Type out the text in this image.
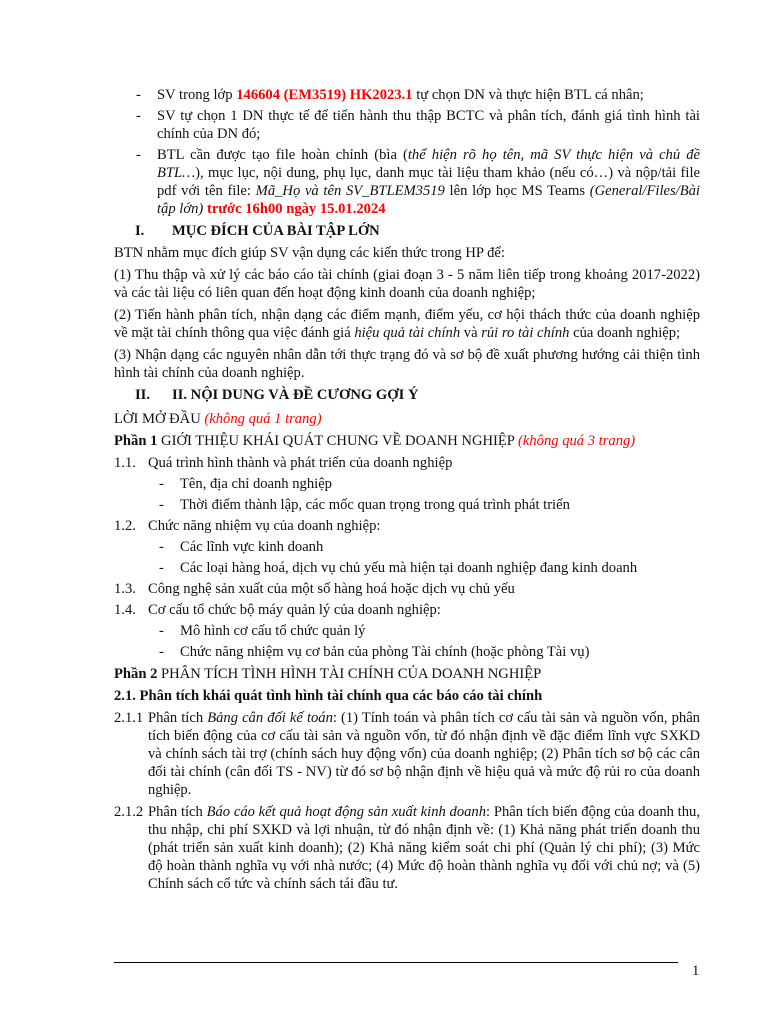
- SV trong lớp 146604 (EM3519) HK2023.1 tự chọn DN và thực hiện BTL cá nhân;
- SV tự chọn 1 DN thực tế để tiến hành thu thập BCTC và phân tích, đánh giá tình hình tài chính của DN đó;
- BTL cần được tạo file hoàn chỉnh (bìa (thể hiện rõ họ tên, mã SV thực hiện và chủ đề BTL…), mục lục, nội dung, phụ lục, danh mục tài liệu tham khảo (nếu có…) và nộp/tải file pdf với tên file: Mã_Họ và tên SV_BTLEM3519 lên lớp học MS Teams (General/Files/Bài tập lớn) trước 16h00 ngày 15.01.2024
I. MỤC ĐÍCH CỦA BÀI TẬP LỚN
BTN nhằm mục đích giúp SV vận dụng các kiến thức trong HP để:
(1) Thu thập và xử lý các báo cáo tài chính (giai đoạn 3 - 5 năm liên tiếp trong khoảng 2017-2022) và các tài liệu có liên quan đến hoạt động kinh doanh của doanh nghiệp;
(2) Tiến hành phân tích, nhận dạng các điểm mạnh, điểm yếu, cơ hội thách thức của doanh nghiệp về mặt tài chính thông qua việc đánh giá hiệu quả tài chính và rủi ro tài chính của doanh nghiệp;
(3) Nhận dạng các nguyên nhân dẫn tới thực trạng đó và sơ bộ đề xuất phương hướng cải thiện tình hình tài chính của doanh nghiệp.
II. II. NỘI DUNG VÀ ĐỀ CƯƠNG GỢI Ý
LỜI MỞ ĐẦU (không quá 1 trang)
Phần 1 GIỚI THIỆU KHÁI QUÁT CHUNG VỀ DOANH NGHIỆP (không quá 3 trang)
1.1. Quá trình hình thành và phát triển của doanh nghiệp
- Tên, địa chỉ doanh nghiệp
- Thời điểm thành lập, các mốc quan trọng trong quá trình phát triển
1.2. Chức năng nhiệm vụ của doanh nghiệp:
- Các lĩnh vực kinh doanh
- Các loại hàng hoá, dịch vụ chủ yếu mà hiện tại doanh nghiệp đang kinh doanh
1.3. Công nghệ sản xuất của một số hàng hoá hoặc dịch vụ chủ yếu
1.4. Cơ cấu tổ chức bộ máy quản lý của doanh nghiệp:
- Mô hình cơ cấu tổ chức quản lý
- Chức năng nhiệm vụ cơ bản của phòng Tài chính (hoặc phòng Tài vụ)
Phần 2 PHÂN TÍCH TÌNH HÌNH TÀI CHÍNH CỦA DOANH NGHIỆP
2.1. Phân tích khái quát tình hình tài chính qua các báo cáo tài chính
2.1.1 Phân tích Bảng cân đối kế toán: (1) Tính toán và phân tích cơ cấu tài sản và nguồn vốn, phân tích biến động của cơ cấu tài sản và nguồn vốn, từ đó nhận định về đặc điểm lĩnh vực SXKD và chính sách tài trợ (chính sách huy động vốn) của doanh nghiệp; (2) Phân tích sơ bộ các cân đối tài chính (cân đối TS - NV) từ đó sơ bộ nhận định về hiệu quả và mức độ rủi ro của doanh nghiệp.
2.1.2 Phân tích Báo cáo kết quả hoạt động sản xuất kinh doanh: Phân tích biến động của doanh thu, thu nhập, chi phí SXKD và lợi nhuận, từ đó nhận định về: (1) Khả năng phát triển doanh thu (phát triển sản xuất kinh doanh); (2) Khả năng kiểm soát chi phí (Quản lý chi phí); (3) Mức độ hoàn thành nghĩa vụ với nhà nước; (4) Mức độ hoàn thành nghĩa vụ đối với chủ nợ; và (5) Chính sách cổ tức và chính sách tái đầu tư.
1
